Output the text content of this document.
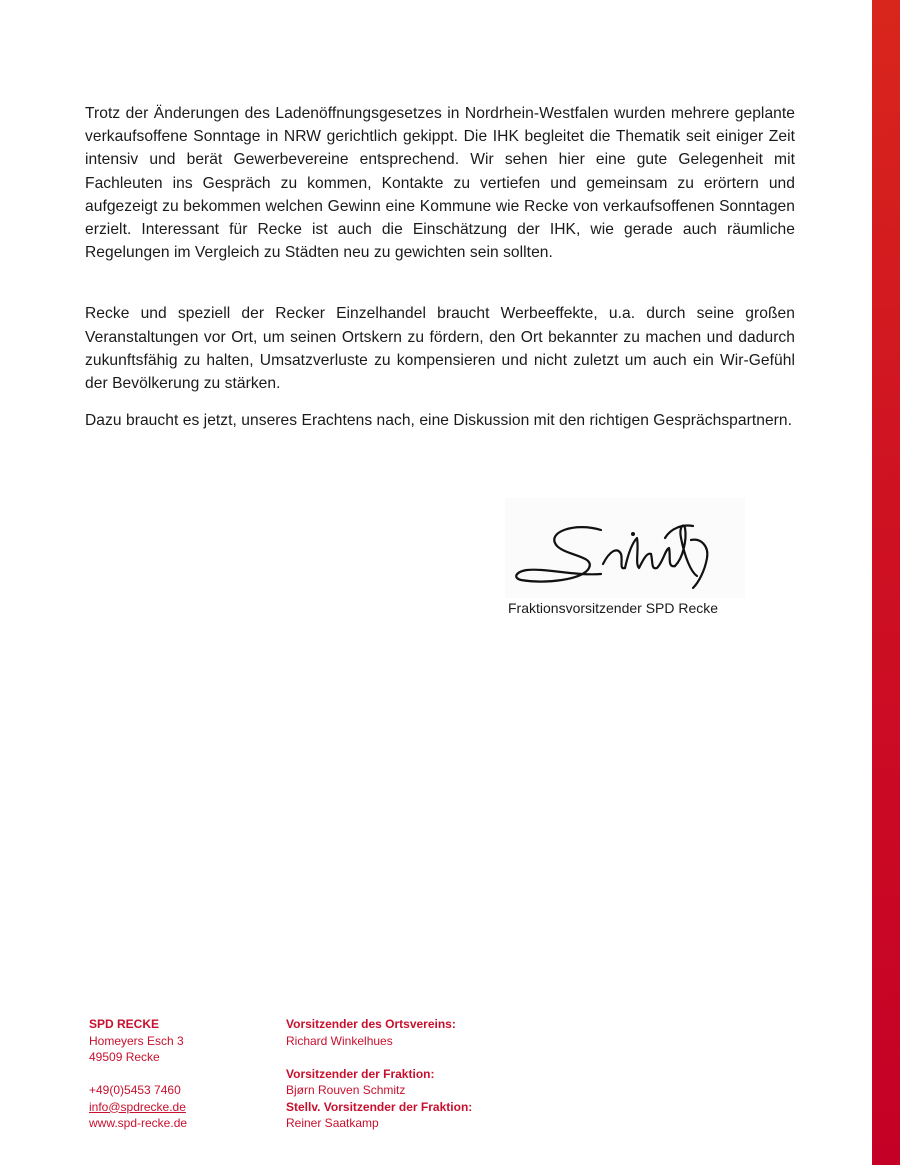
Trotz der Änderungen des Ladenöffnungsgesetzes in Nordrhein-Westfalen wurden mehrere geplante verkaufsoffene Sonntage in NRW gerichtlich gekippt. Die IHK begleitet die Thematik seit einiger Zeit intensiv und berät Gewerbevereine entsprechend. Wir sehen hier eine gute Gelegenheit mit Fachleuten ins Gespräch zu kommen, Kontakte zu vertiefen und gemeinsam zu erörtern und aufgezeigt zu bekommen welchen Gewinn eine Kommune wie Recke von verkaufsoffenen Sonntagen erzielt. Interessant für Recke ist auch die Einschätzung der IHK, wie gerade auch räumliche Regelungen im Vergleich zu Städten neu zu gewichten sein sollten.

Recke und speziell der Recker Einzelhandel braucht Werbeeffekte, u.a. durch seine großen Veranstaltungen vor Ort, um seinen Ortskern zu fördern, den Ort bekannter zu machen und dadurch zukunftsfähig zu halten, Umsatzverluste zu kompensieren und nicht zuletzt um auch ein Wir-Gefühl der Bevölkerung zu stärken.

Dazu braucht es jetzt, unseres Erachtens nach, eine Diskussion mit den richtigen Gesprächspartnern.

Fraktionsvorsitzender SPD Recke
SPD RECKE
Homeyers Esch 3
49509 Recke
+49(0)5453 7460
info@spdrecke.de
www.spd-recke.de
Vorsitzender des Ortsvereins:
Richard Winkelhues
Vorsitzender der Fraktion:
Bjørn Rouven Schmitz
Stellv. Vorsitzender der Fraktion:
Reiner Saatkamp
